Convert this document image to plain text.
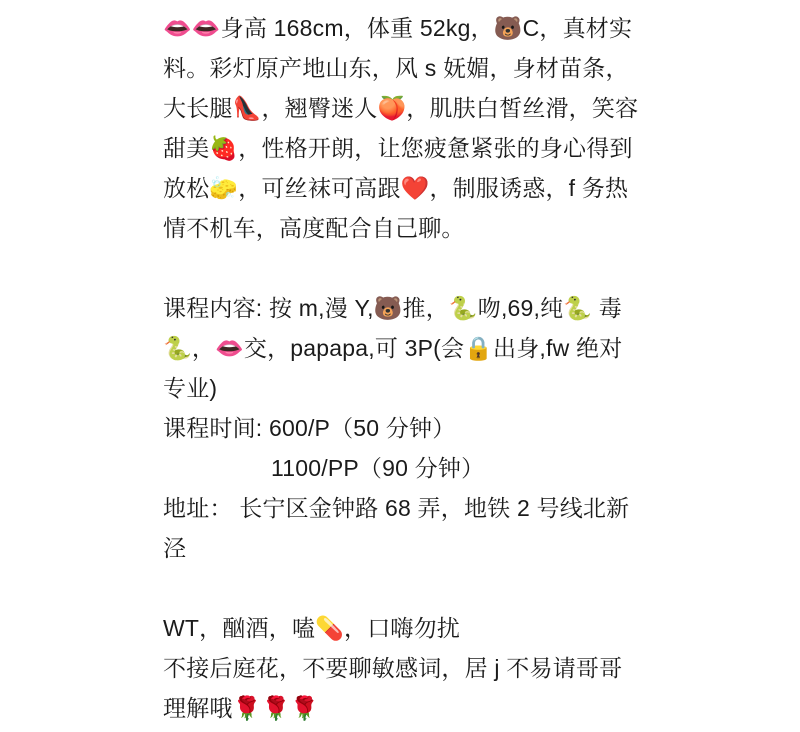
👄👄身高 168cm，体重 52kg，🐻C，真材实料。彩灯原产地山东，风 s 妩媚，身材苗条，大长腿👠，翘臀迷人🍑，肌肤白皙丝滑，笑容甜美🍓，性格开朗，让您疲惫紧张的身心得到放松🧽，可丝袜可高跟❤️，制服诱惑，f 务热情不机车，高度配合自己聊。

课程内容: 按 m,漫 Y,🐻推，🐍吻,69,纯🐍 毒🐍，👄交，papapa,可 3P(会🔒出身,fw 绝对专业)

课程时间: 600/P（50 分钟）

1100/PP（90 分钟）

地址： 长宁区金钟路 68 弄，地铁 2 号线北新泾

WT，酗酒，嗑💊，口嗨勿扰

不接后庭花，不要聊敏感词，居 j 不易请哥哥理解哦🌹🌹🌹
